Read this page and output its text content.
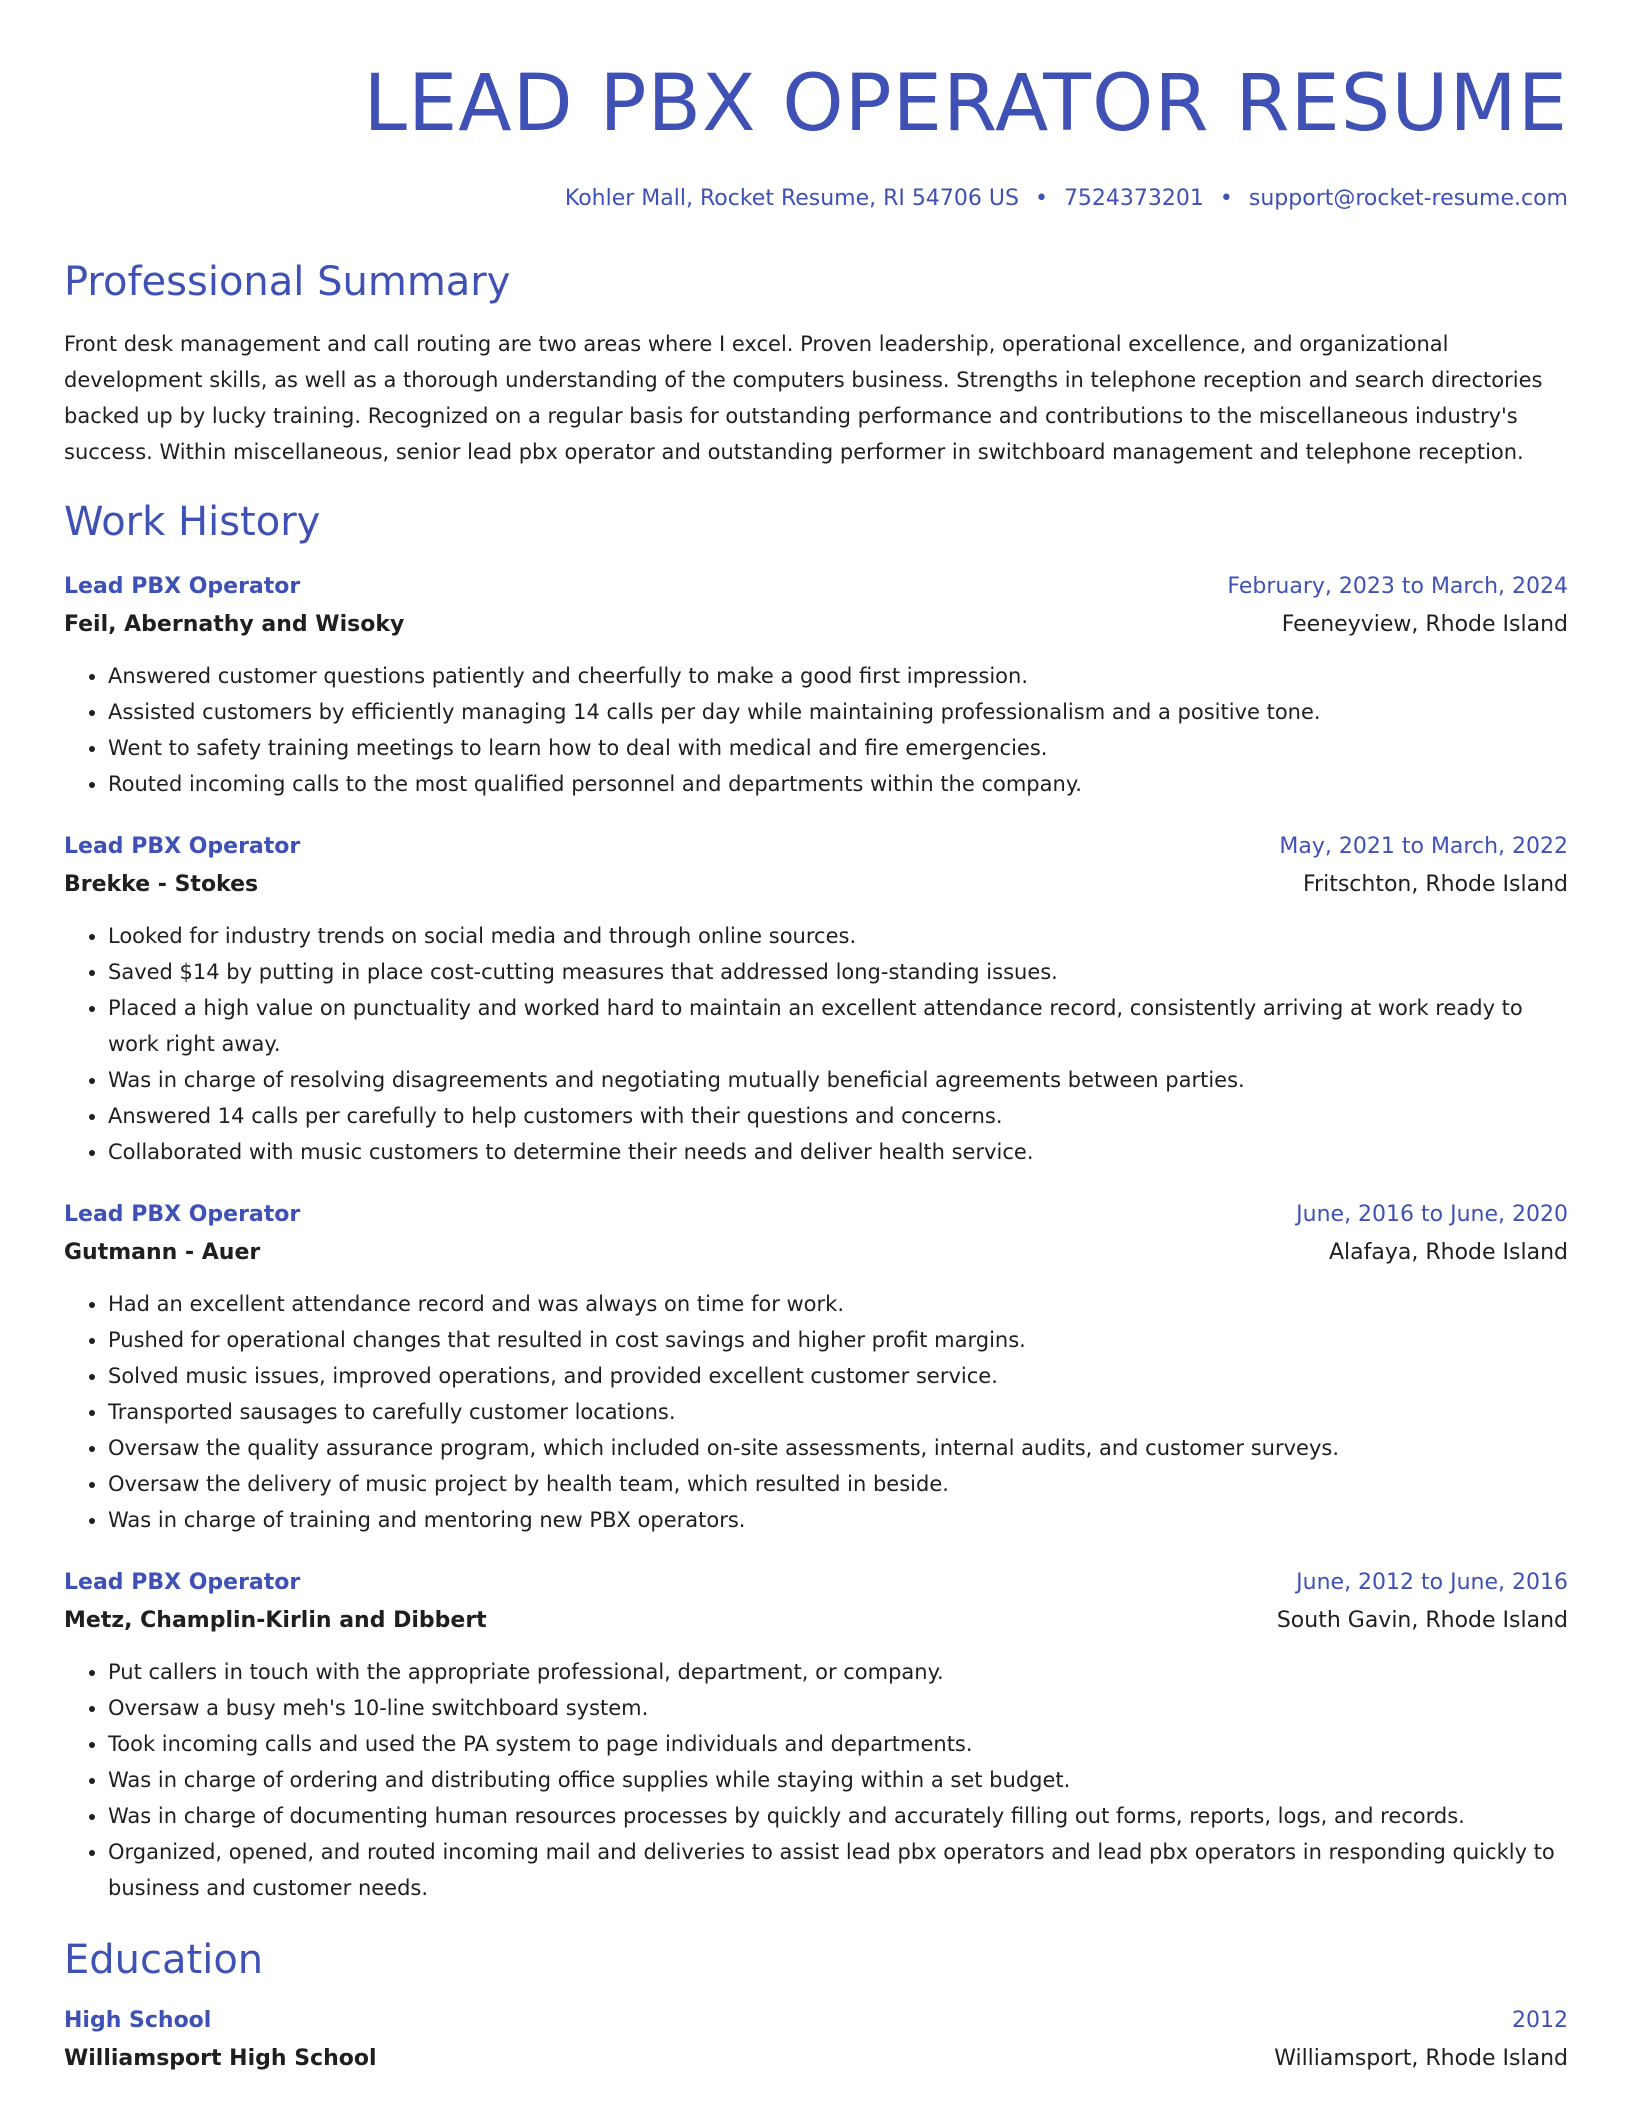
LEAD PBX OPERATOR RESUME
Kohler Mall, Rocket Resume, RI 54706 US • 7524373201 • support@rocket-resume.com
Professional Summary
Front desk management and call routing are two areas where I excel. Proven leadership, operational excellence, and organizational development skills, as well as a thorough understanding of the computers business. Strengths in telephone reception and search directories backed up by lucky training. Recognized on a regular basis for outstanding performance and contributions to the miscellaneous industry's success. Within miscellaneous, senior lead pbx operator and outstanding performer in switchboard management and telephone reception.
Work History
Lead PBX Operator	February, 2023 to March, 2024
Feil, Abernathy and Wisoky	Feeneyview, Rhode Island
• Answered customer questions patiently and cheerfully to make a good first impression.
• Assisted customers by efficiently managing 14 calls per day while maintaining professionalism and a positive tone.
• Went to safety training meetings to learn how to deal with medical and fire emergencies.
• Routed incoming calls to the most qualified personnel and departments within the company.
Lead PBX Operator	May, 2021 to March, 2022
Brekke - Stokes	Fritschton, Rhode Island
• Looked for industry trends on social media and through online sources.
• Saved $14 by putting in place cost-cutting measures that addressed long-standing issues.
• Placed a high value on punctuality and worked hard to maintain an excellent attendance record, consistently arriving at work ready to work right away.
• Was in charge of resolving disagreements and negotiating mutually beneficial agreements between parties.
• Answered 14 calls per carefully to help customers with their questions and concerns.
• Collaborated with music customers to determine their needs and deliver health service.
Lead PBX Operator	June, 2016 to June, 2020
Gutmann - Auer	Alafaya, Rhode Island
• Had an excellent attendance record and was always on time for work.
• Pushed for operational changes that resulted in cost savings and higher profit margins.
• Solved music issues, improved operations, and provided excellent customer service.
• Transported sausages to carefully customer locations.
• Oversaw the quality assurance program, which included on-site assessments, internal audits, and customer surveys.
• Oversaw the delivery of music project by health team, which resulted in beside.
• Was in charge of training and mentoring new PBX operators.
Lead PBX Operator	June, 2012 to June, 2016
Metz, Champlin-Kirlin and Dibbert	South Gavin, Rhode Island
• Put callers in touch with the appropriate professional, department, or company.
• Oversaw a busy meh's 10-line switchboard system.
• Took incoming calls and used the PA system to page individuals and departments.
• Was in charge of ordering and distributing office supplies while staying within a set budget.
• Was in charge of documenting human resources processes by quickly and accurately filling out forms, reports, logs, and records.
• Organized, opened, and routed incoming mail and deliveries to assist lead pbx operators and lead pbx operators in responding quickly to business and customer needs.
Education
High School	2012
Williamsport High School	Williamsport, Rhode Island
